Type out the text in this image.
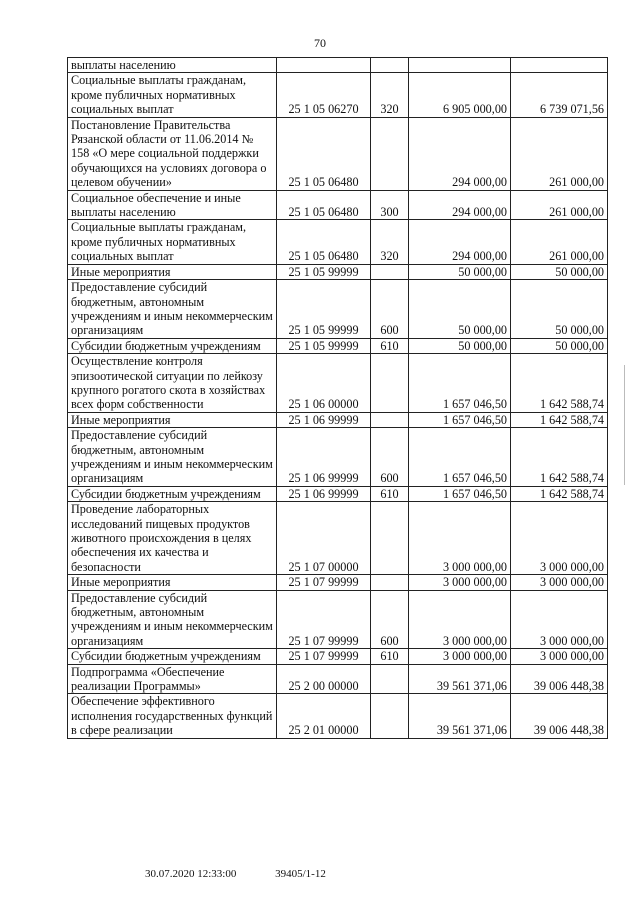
70
выплаты населению				
Социальные выплаты гражданам, кроме публичных нормативных социальных выплат	25 1 05 06270	320	6 905 000,00	6 739 071,56
Постановление Правительства Рязанской области от 11.06.2014 № 158 «О мере социальной поддержки обучающихся на условиях договора о целевом обучении»	25 1 05 06480		294 000,00	261 000,00
Социальное обеспечение и иные выплаты населению	25 1 05 06480	300	294 000,00	261 000,00
Социальные выплаты гражданам, кроме публичных нормативных социальных выплат	25 1 05 06480	320	294 000,00	261 000,00
Иные мероприятия	25 1 05 99999		50 000,00	50 000,00
Предоставление субсидий бюджетным, автономным учреждениям и иным некоммерческим организациям	25 1 05 99999	600	50 000,00	50 000,00
Субсидии бюджетным учреждениям	25 1 05 99999	610	50 000,00	50 000,00
Осуществление контроля эпизоотической ситуации по лейкозу крупного рогатого скота в хозяйствах всех форм собственности	25 1 06 00000		1 657 046,50	1 642 588,74
Иные мероприятия	25 1 06 99999		1 657 046,50	1 642 588,74
Предоставление субсидий бюджетным, автономным учреждениям и иным некоммерческим организациям	25 1 06 99999	600	1 657 046,50	1 642 588,74
Субсидии бюджетным учреждениям	25 1 06 99999	610	1 657 046,50	1 642 588,74
Проведение лабораторных исследований пищевых продуктов животного происхождения в целях обеспечения их качества и безопасности	25 1 07 00000		3 000 000,00	3 000 000,00
Иные мероприятия	25 1 07 99999		3 000 000,00	3 000 000,00
Предоставление субсидий бюджетным, автономным учреждениям и иным некоммерческим организациям	25 1 07 99999	600	3 000 000,00	3 000 000,00
Субсидии бюджетным учреждениям	25 1 07 99999	610	3 000 000,00	3 000 000,00
Подпрограмма «Обеспечение реализации Программы»	25 2 00 00000		39 561 371,06	39 006 448,38
Обеспечение эффективного исполнения государственных функций в сфере реализации	25 2 01 00000		39 561 371,06	39 006 448,38
30.07.2020 12:33:00	39405/1-12
